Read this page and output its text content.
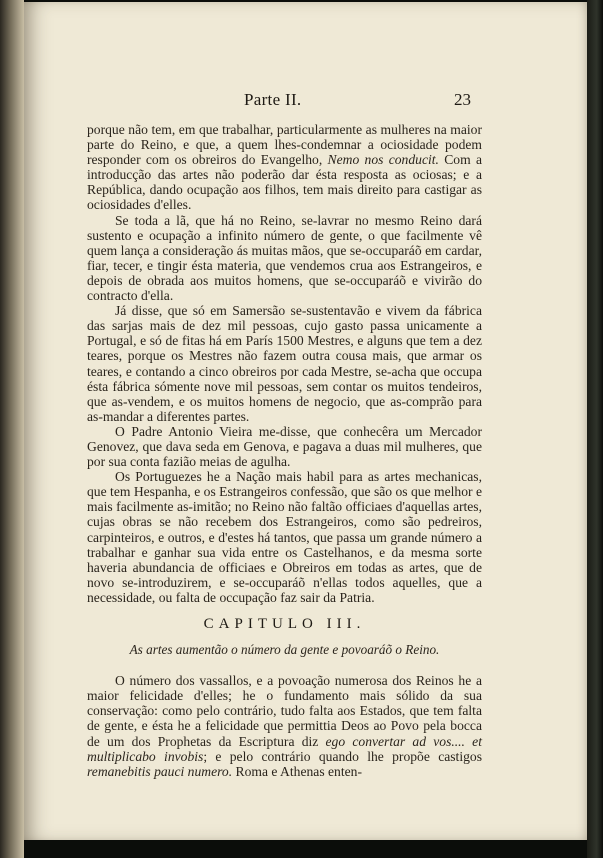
Parte II.	23

porque não tem, em que trabalhar, particularmente as mulheres na maior parte do Reino, e que, a quem lhes-condemnar a ociosidade podem responder com os obreiros do Evangelho, Nemo nos conducit. Com a introducção das artes não poderão dar ésta resposta as ociosas; e a República, dando ocupação aos filhos, tem mais direito para castigar as ociosidades d'elles.

Se toda a lã, que há no Reino, se-lavrar no mesmo Reino dará sustento e ocupação a infinito número de gente, o que facilmente vê quem lança a consideração ás muitas mãos, que se-occuparáõ em cardar, fiar, tecer, e tingir ésta materia, que vendemos crua aos Estrangeiros, e depois de obrada aos muitos homens, que se-occuparáõ e vivirão do contracto d'ella.

Já disse, que só em Samersão se-sustentavão e vivem da fábrica das sarjas mais de dez mil pessoas, cujo gasto passa unicamente a Portugal, e só de fitas há em París 1500 Mestres, e alguns que tem a dez teares, porque os Mestres não fazem outra cousa mais, que armar os teares, e contando a cinco obreiros por cada Mestre, se-acha que occupa ésta fábrica sómente nove mil pessoas, sem contar os muitos tendeiros, que as-vendem, e os muitos homens de negocio, que as-comprão para as-mandar a diferentes partes.

O Padre Antonio Vieira me-disse, que conhecêra um Mercador Genovez, que dava seda em Genova, e pagava a duas mil mulheres, que por sua conta fazião meias de agulha.

Os Portuguezes he a Nação mais habil para as artes mechanicas, que tem Hespanha, e os Estrangeiros confessão, que são os que melhor e mais facilmente as-imitão; no Reino não faltão officiaes d'aquellas artes, cujas obras se não recebem dos Estrangeiros, como são pedreiros, carpinteiros, e outros, e d'estes há tantos, que passa um grande número a trabalhar e ganhar sua vida entre os Castelhanos, e da mesma sorte haveria abundancia de officiaes e Obreiros em todas as artes, que de novo se-introduzirem, e se-occuparáõ n'ellas todos aquelles, que a necessidade, ou falta de occupação faz sair da Patria.

CAPITULO III.
As artes aumentão o número da gente e povoaráõ o Reino.

O número dos vassallos, e a povoação numerosa dos Reinos he a maior felicidade d'elles; he o fundamento mais sólido da sua conservação: como pelo contrário, tudo falta aos Estados, que tem falta de gente, e ésta he a felicidade que permittia Deos ao Povo pela bocca de um dos Prophetas da Escriptura diz ego convertar ad vos.... et multiplicabo invobis; e pelo contrário quando lhe propõe castigos remanebitis pauci numero. Roma e Athenas enten-
